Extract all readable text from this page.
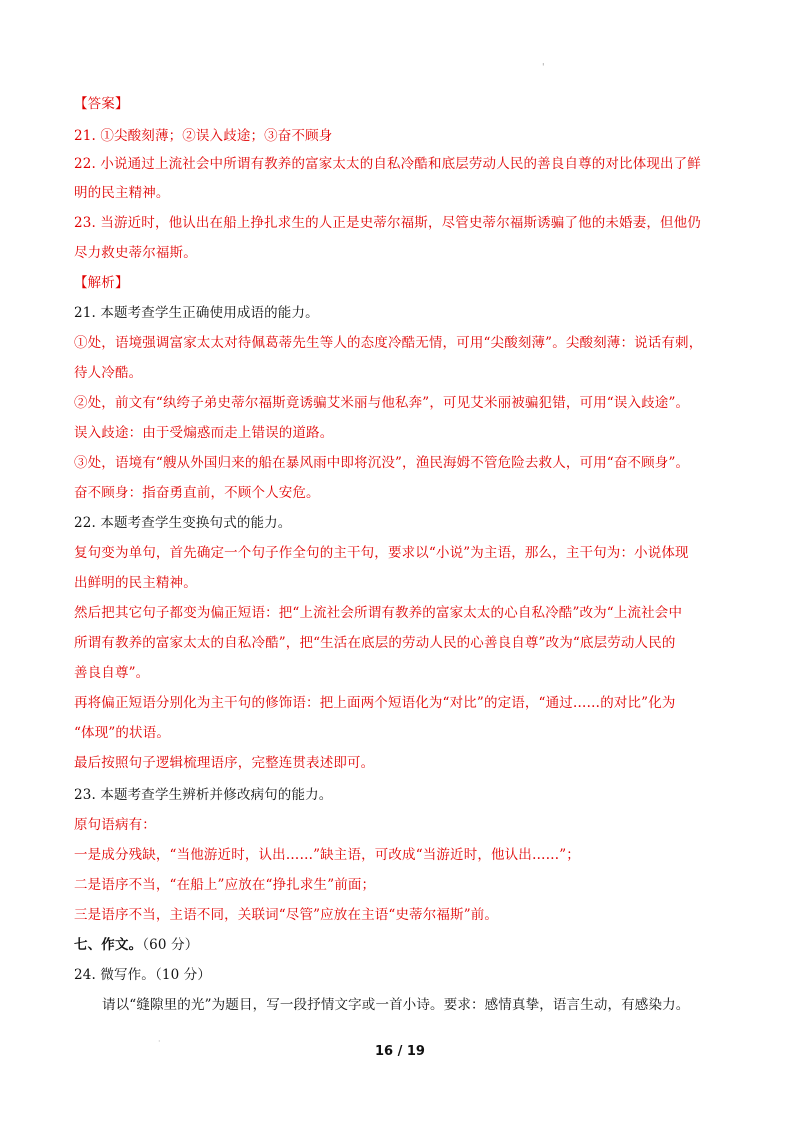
'
【答案】
21. ①尖酸刻薄；②误入歧途；③奋不顾身
22. 小说通过上流社会中所谓有教养的富家太太的自私冷酷和底层劳动人民的善良自尊的对比体现出了鲜
明的民主精神。
23. 当游近时，他认出在船上挣扎求生的人正是史蒂尔福斯，尽管史蒂尔福斯诱骗了他的未婚妻，但他仍
尽力救史蒂尔福斯。
【解析】
21. 本题考查学生正确使用成语的能力。
①处，语境强调富家太太对待佩葛蒂先生等人的态度冷酷无情，可用“尖酸刻薄”。尖酸刻薄：说话有刺，
待人冷酷。
②处，前文有“纨绔子弟史蒂尔福斯竟诱骗艾米丽与他私奔”，可见艾米丽被骗犯错，可用“误入歧途”。
误入歧途：由于受煽惑而走上错误的道路。
③处，语境有“艘从外国归来的船在暴风雨中即将沉没”，渔民海姆不管危险去救人，可用“奋不顾身”。
奋不顾身：指奋勇直前，不顾个人安危。
22. 本题考查学生变换句式的能力。
复句变为单句，首先确定一个句子作全句的主干句，要求以“小说”为主语，那么，主干句为：小说体现
出鲜明的民主精神。
然后把其它句子都变为偏正短语：把“上流社会所谓有教养的富家太太的心自私冷酷”改为“上流社会中
所谓有教养的富家太太的自私冷酷”，把“生活在底层的劳动人民的心善良自尊”改为“底层劳动人民的
善良自尊”。
再将偏正短语分别化为主干句的修饰语：把上面两个短语化为“对比”的定语，“通过……的对比”化为
“体现”的状语。
最后按照句子逻辑梳理语序，完整连贯表述即可。
23. 本题考查学生辨析并修改病句的能力。
原句语病有：
一是成分残缺，“当他游近时，认出……”缺主语，可改成“当游近时，他认出……”；
二是语序不当，“在船上”应放在“挣扎求生”前面；
三是语序不当，主语不同，关联词“尽管”应放在主语“史蒂尔福斯”前。
七、作文。（60 分）
24. 微写作。（10 分）
请以“缝隙里的光”为题目，写一段抒情文字或一首小诗。要求：感情真挚，语言生动，有感染力。
·
16 / 19
